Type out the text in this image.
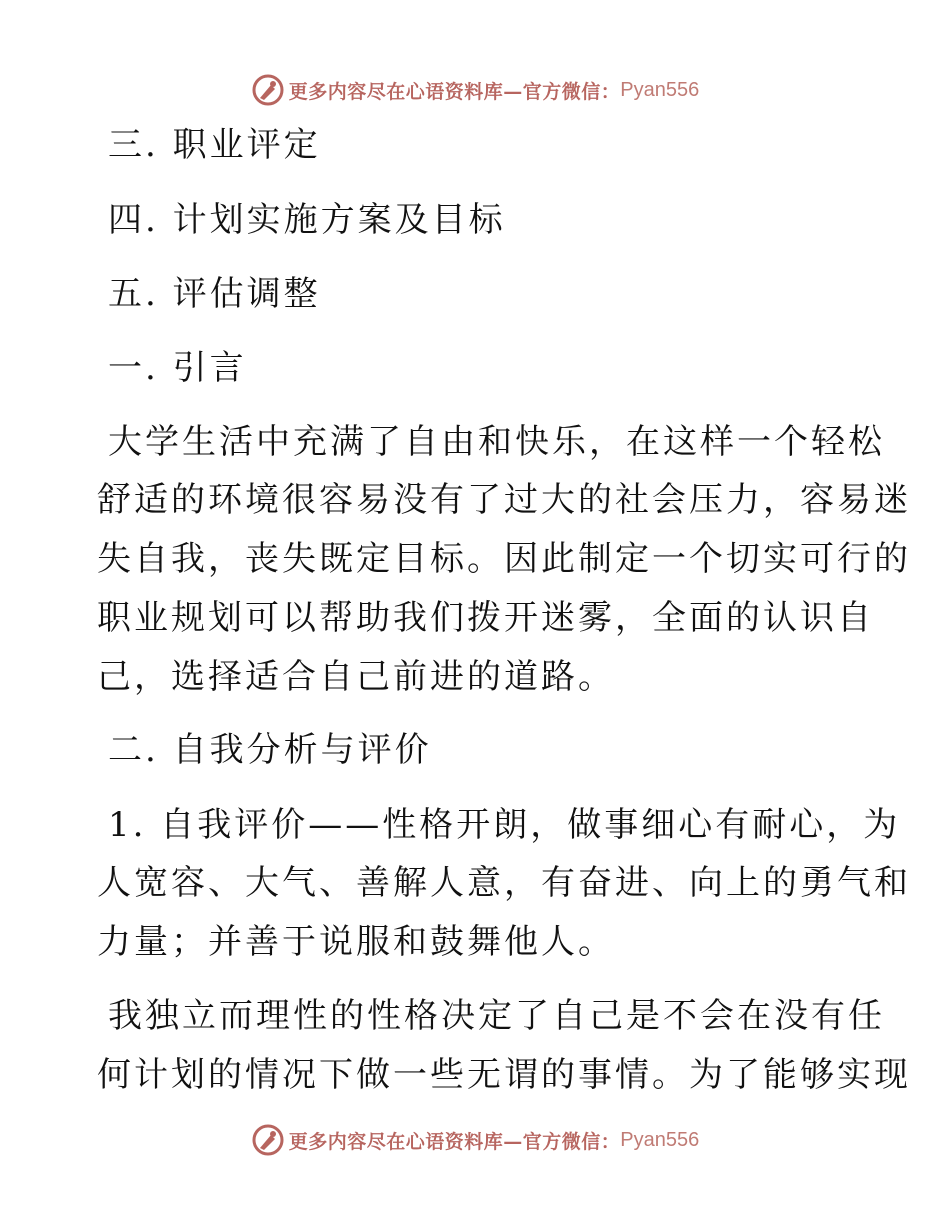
更多内容尽在心语资料库—官方微信： Pyan556
三. 职业评定
四. 计划实施方案及目标
五. 评估调整
一. 引言
大学生活中充满了自由和快乐，在这样一个轻松
舒适的环境很容易没有了过大的社会压力，容易迷
失自我，丧失既定目标。因此制定一个切实可行的
职业规划可以帮助我们拨开迷雾，全面的认识自
己，选择适合自己前进的道路。
二. 自我分析与评价
1. 自我评价——性格开朗，做事细心有耐心，为
人宽容、大气、善解人意，有奋进、向上的勇气和
力量；并善于说服和鼓舞他人。
我独立而理性的性格决定了自己是不会在没有任
何计划的情况下做一些无谓的事情。为了能够实现
更多内容尽在心语资料库—官方微信： Pyan556
